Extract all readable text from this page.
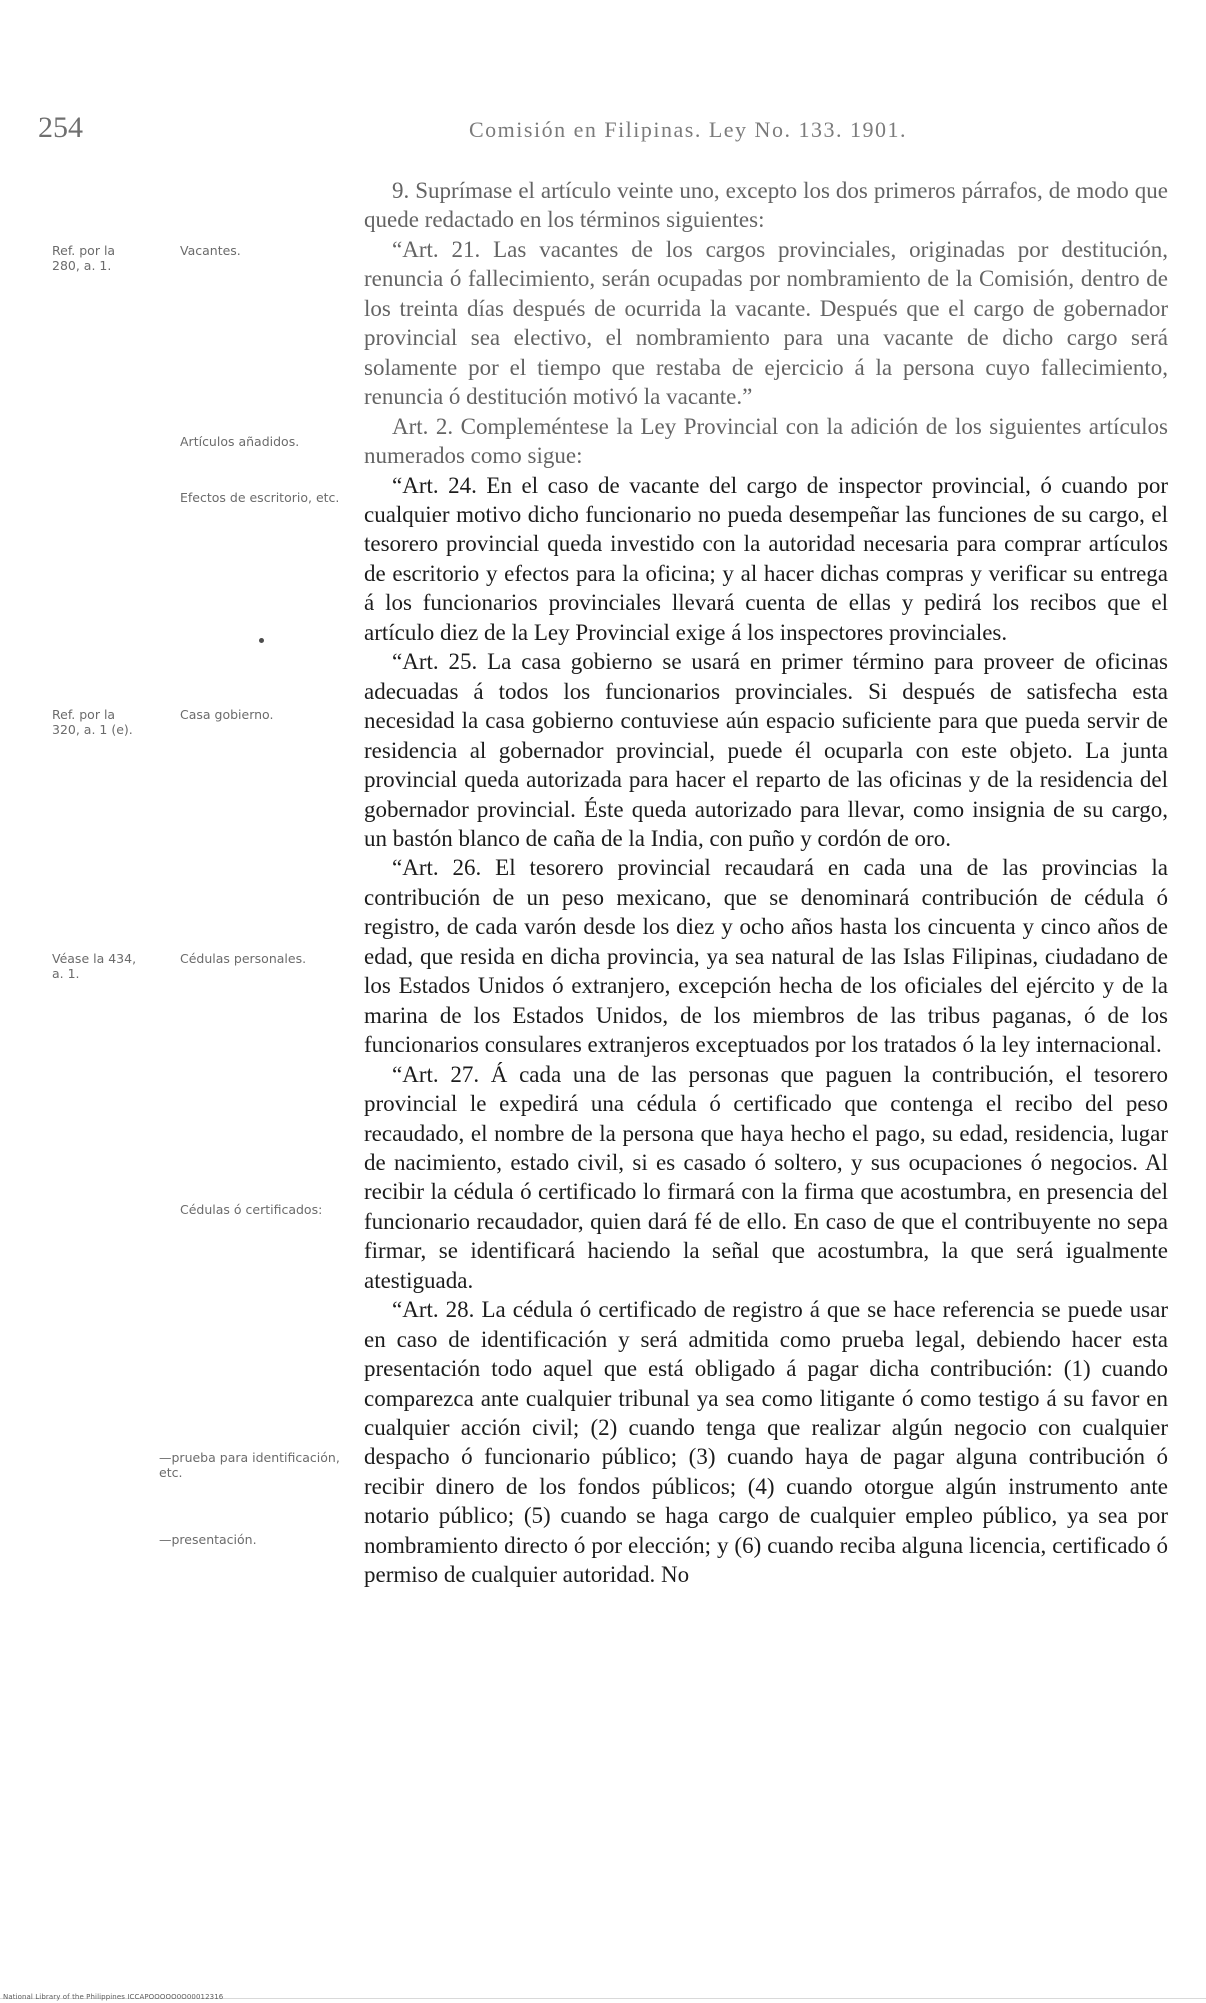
254	Comisión en Filipinas. Ley No. 133. 1901.
Ref. por la 280, a. 1.
Vacantes.
Artículos añadidos.
Efectos de escritorio, etc.
Ref. por la 320, a. 1 (e).
Casa gobierno.
Véase la 434, a. 1.
Cédulas personales.
Cédulas ó certificados:
—prueba para identificación, etc.
—presentación.

9. Suprímase el artículo veinte uno, excepto los dos primeros párrafos, de modo que quede redactado en los términos siguientes:

“Art. 21. Las vacantes de los cargos provinciales, originadas por destitución, renuncia ó fallecimiento, serán ocupadas por nombramiento de la Comisión, dentro de los treinta días después de ocurrida la vacante. Después que el cargo de gobernador provincial sea electivo, el nombramiento para una vacante de dicho cargo será solamente por el tiempo que restaba de ejercicio á la persona cuyo fallecimiento, renuncia ó destitución motivó la vacante.”

Art. 2. Compleméntese la Ley Provincial con la adición de los siguientes artículos numerados como sigue:

“Art. 24. En el caso de vacante del cargo de inspector provincial, ó cuando por cualquier motivo dicho funcionario no pueda desempeñar las funciones de su cargo, el tesorero provincial queda investido con la autoridad necesaria para comprar artículos de escritorio y efectos para la oficina; y al hacer dichas compras y verificar su entrega á los funcionarios provinciales llevará cuenta de ellas y pedirá los recibos que el artículo diez de la Ley Provincial exige á los inspectores provinciales.

“Art. 25. La casa gobierno se usará en primer término para proveer de oficinas adecuadas á todos los funcionarios provinciales. Si después de satisfecha esta necesidad la casa gobierno contuviese aún espacio suficiente para que pueda servir de residencia al gobernador provincial, puede él ocuparla con este objeto. La junta provincial queda autorizada para hacer el reparto de las oficinas y de la residencia del gobernador provincial. Éste queda autorizado para llevar, como insignia de su cargo, un bastón blanco de caña de la India, con puño y cordón de oro.

“Art. 26. El tesorero provincial recaudará en cada una de las provincias la contribución de un peso mexicano, que se denominará contribución de cédula ó registro, de cada varón desde los diez y ocho años hasta los cincuenta y cinco años de edad, que resida en dicha provincia, ya sea natural de las Islas Filipinas, ciudadano de los Estados Unidos ó extranjero, excepción hecha de los oficiales del ejército y de la marina de los Estados Unidos, de los miembros de las tribus paganas, ó de los funcionarios consulares extranjeros exceptuados por los tratados ó la ley internacional.

“Art. 27. Á cada una de las personas que paguen la contribución, el tesorero provincial le expedirá una cédula ó certificado que contenga el recibo del peso recaudado, el nombre de la persona que haya hecho el pago, su edad, residencia, lugar de nacimiento, estado civil, si es casado ó soltero, y sus ocupaciones ó negocios. Al recibir la cédula ó certificado lo firmará con la firma que acostumbra, en presencia del funcionario recaudador, quien dará fé de ello. En caso de que el contribuyente no sepa firmar, se identificará haciendo la señal que acostumbra, la que será igualmente atestiguada.

“Art. 28. La cédula ó certificado de registro á que se hace referencia se puede usar en caso de identificación y será admitida como prueba legal, debiendo hacer esta presentación todo aquel que está obligado á pagar dicha contribución: (1) cuando comparezca ante cualquier tribunal ya sea como litigante ó como testigo á su favor en cualquier acción civil; (2) cuando tenga que realizar algún negocio con cualquier despacho ó funcionario público; (3) cuando haya de pagar alguna contribución ó recibir dinero de los fondos públicos; (4) cuando otorgue algún instrumento ante notario público; (5) cuando se haga cargo de cualquier empleo público, ya sea por nombramiento directo ó por elección; y (6) cuando reciba alguna licencia, certificado ó permiso de cualquier autoridad. No

National Library of the Philippines ICCAPOOOOO0O00012316
